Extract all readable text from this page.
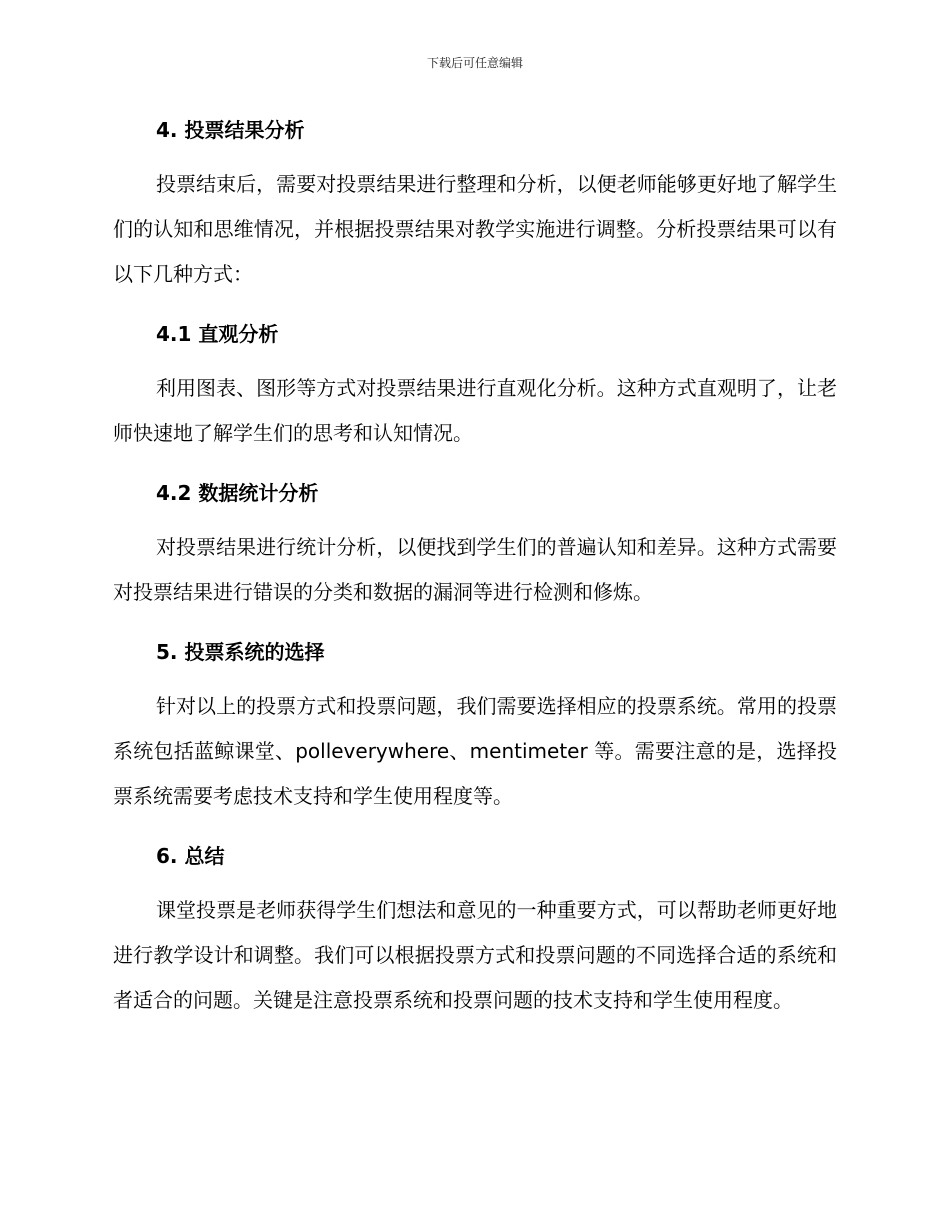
下载后可任意编辑
4. 投票结果分析

投票结束后，需要对投票结果进行整理和分析，以便老师能够更好地了解学生们的认知和思维情况，并根据投票结果对教学实施进行调整。分析投票结果可以有以下几种方式：

4.1 直观分析

利用图表、图形等方式对投票结果进行直观化分析。这种方式直观明了，让老师快速地了解学生们的思考和认知情况。

4.2 数据统计分析

对投票结果进行统计分析，以便找到学生们的普遍认知和差异。这种方式需要对投票结果进行错误的分类和数据的漏洞等进行检测和修炼。

5. 投票系统的选择

针对以上的投票方式和投票问题，我们需要选择相应的投票系统。常用的投票系统包括蓝鲸课堂、polleverywhere、mentimeter 等。需要注意的是，选择投票系统需要考虑技术支持和学生使用程度等。

6. 总结

课堂投票是老师获得学生们想法和意见的一种重要方式，可以帮助老师更好地进行教学设计和调整。我们可以根据投票方式和投票问题的不同选择合适的系统和者适合的问题。关键是注意投票系统和投票问题的技术支持和学生使用程度。
